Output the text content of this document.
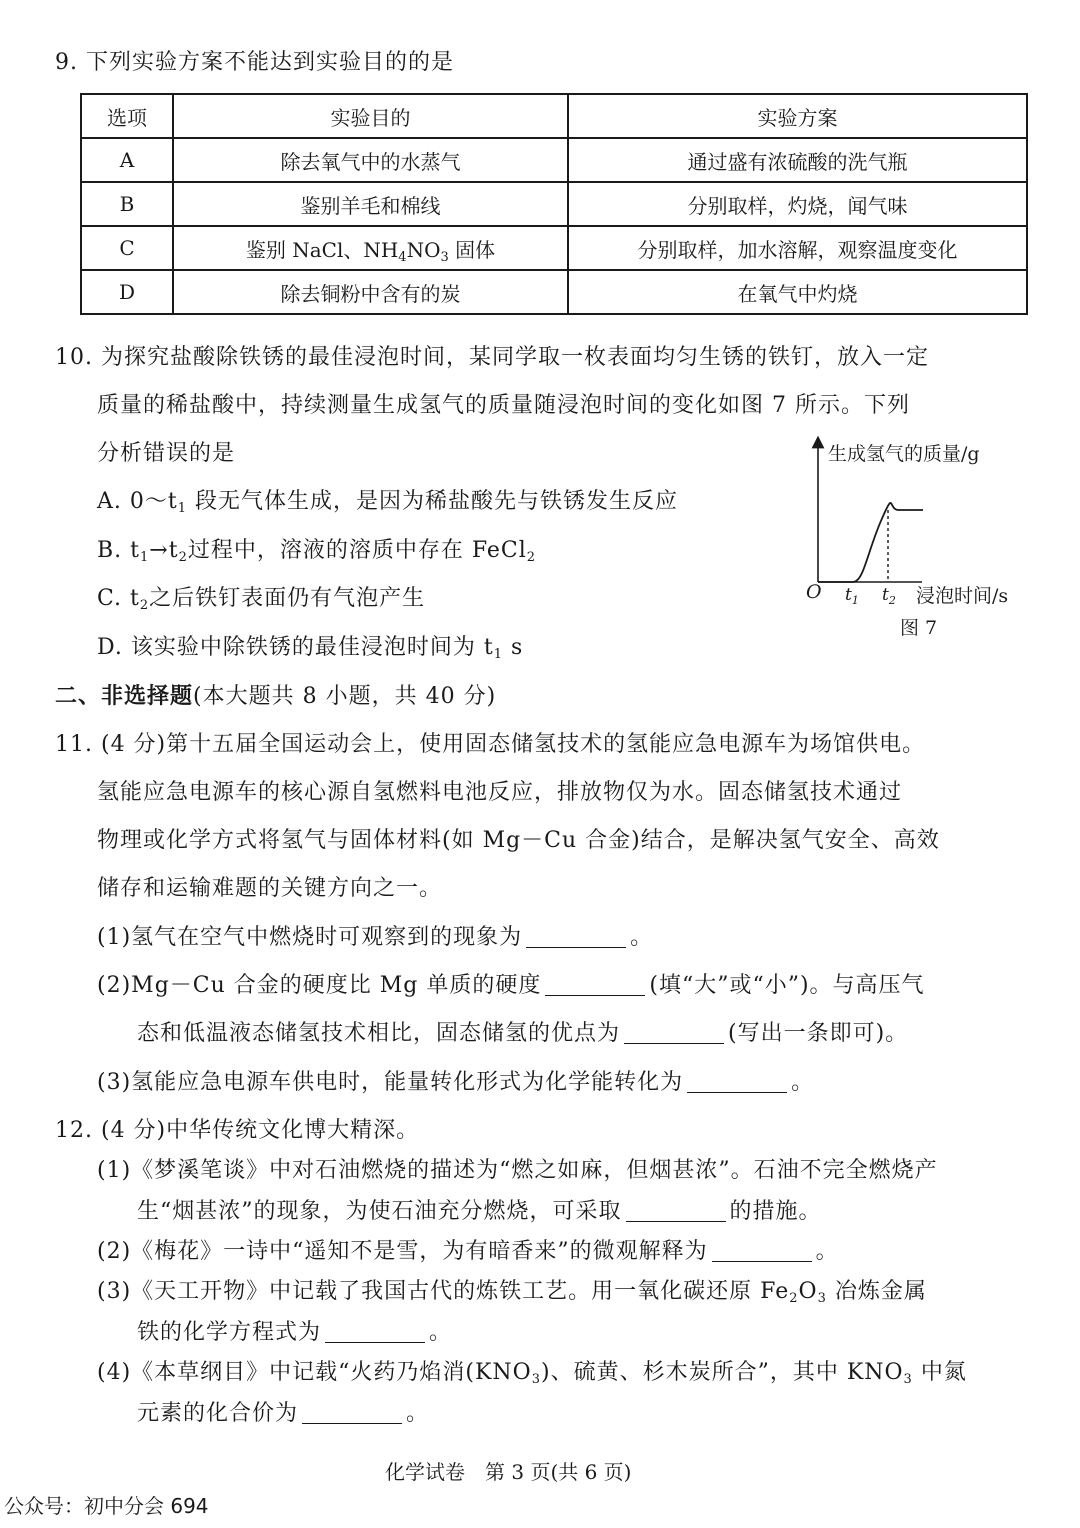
9. 下列实验方案不能达到实验目的的是
选项	实验目的	实验方案
A	除去氧气中的水蒸气	通过盛有浓硫酸的洗气瓶
B	鉴别羊毛和棉线	分别取样，灼烧，闻气味
C	鉴别 NaCl、$NH_4NO_3$ 固体	分别取样，加水溶解，观察温度变化
D	除去铜粉中含有的炭	在氧气中灼烧
10. 为探究盐酸除铁锈的最佳浸泡时间，某同学取一枚表面均匀生锈的铁钉，放入一定
质量的稀盐酸中，持续测量生成氢气的质量随浸泡时间的变化如图 7 所示。下列
分析错误的是
A. $0\sim t_1$ 段无气体生成，是因为稀盐酸先与铁锈发生反应
B. $t_1\to t_2$过程中，溶液的溶质中存在 FeCl$_2$
C. $t_2$之后铁钉表面仍有气泡产生
D. 该实验中除铁锈的最佳浸泡时间为 $t_1$ s
生成氢气的质量/g
浸泡时间/s
O $t_1$ $t_2$
图 7
二、非选择题(本大题共 8 小题，共 40 分)
11. (4 分)第十五届全国运动会上，使用固态储氢技术的氢能应急电源车为场馆供电。
氢能应急电源车的核心源自氢燃料电池反应，排放物仅为水。固态储氢技术通过
物理或化学方式将氢气与固体材料(如 Mg－Cu 合金)结合，是解决氢气安全、高效
储存和运输难题的关键方向之一。
(1)氢气在空气中燃烧时可观察到的现象为	。
(2)Mg－Cu 合金的硬度比 Mg 单质的硬度	(填“大”或“小”)。与高压气
态和低温液态储氢技术相比，固态储氢的优点为	(写出一条即可)。
(3)氢能应急电源车供电时，能量转化形式为化学能转化为	。
12. (4 分)中华传统文化博大精深。
(1)《梦溪笔谈》中对石油燃烧的描述为“燃之如麻，但烟甚浓”。石油不完全燃烧产
生“烟甚浓”的现象，为使石油充分燃烧，可采取	的措施。
(2)《梅花》一诗中“遥知不是雪，为有暗香来”的微观解释为	。
(3)《天工开物》中记载了我国古代的炼铁工艺。用一氧化碳还原 $Fe_2O_3$ 冶炼金属
铁的化学方程式为	。
(4)《本草纲目》中记载“火药乃焰消$(KNO_3)$、硫黄、杉木炭所合”，其中 $KNO_3$ 中氮
元素的化合价为	。
化学试卷　第 3 页(共 6 页)
公众号：初中分会 694
